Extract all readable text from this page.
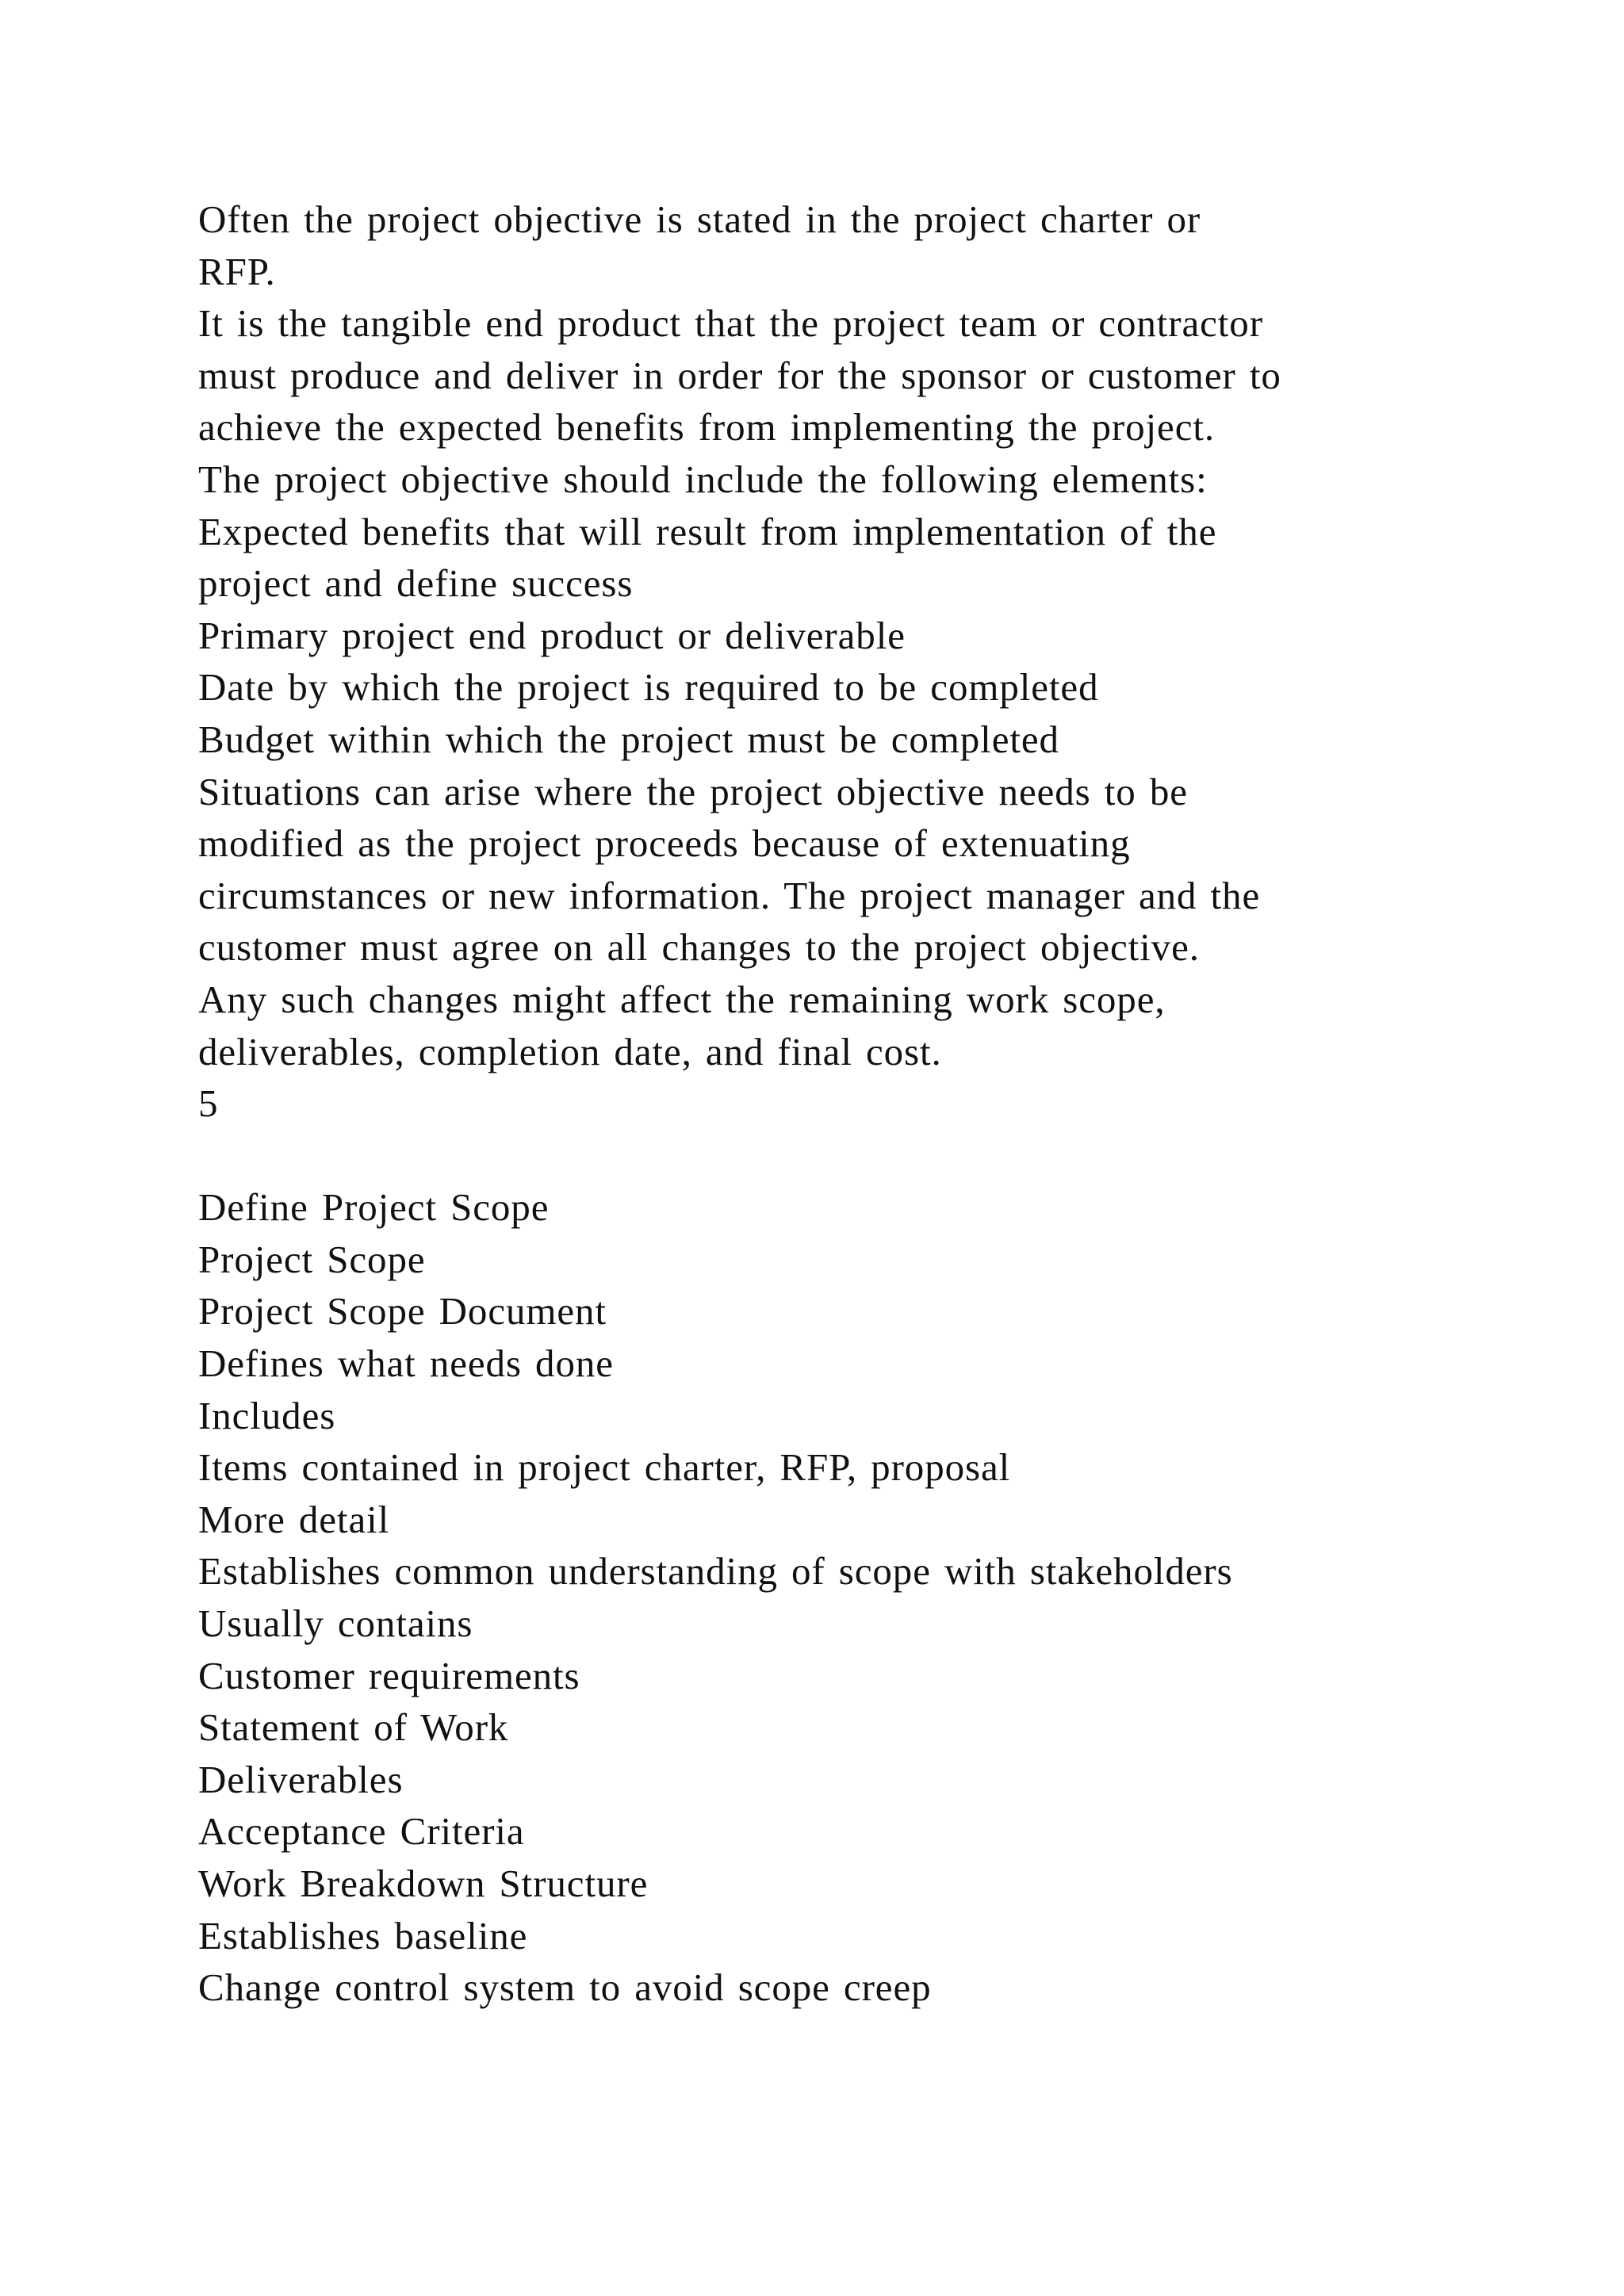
Often the project objective is stated in the project charter or
RFP.
It is the tangible end product that the project team or contractor
must produce and deliver in order for the sponsor or customer to
achieve the expected benefits from implementing the project.
The project objective should include the following elements:
Expected benefits that will result from implementation of the
project and define success
Primary project end product or deliverable
Date by which the project is required to be completed
Budget within which the project must be completed
Situations can arise where the project objective needs to be
modified as the project proceeds because of extenuating
circumstances or new information. The project manager and the
customer must agree on all changes to the project objective.
Any such changes might affect the remaining work scope,
deliverables, completion date, and final cost.
5
Define Project Scope
Project Scope
Project Scope Document
Defines what needs done
Includes
Items contained in project charter, RFP, proposal
More detail
Establishes common understanding of scope with stakeholders
Usually contains
Customer requirements
Statement of Work
Deliverables
Acceptance Criteria
Work Breakdown Structure
Establishes baseline
Change control system to avoid scope creep
